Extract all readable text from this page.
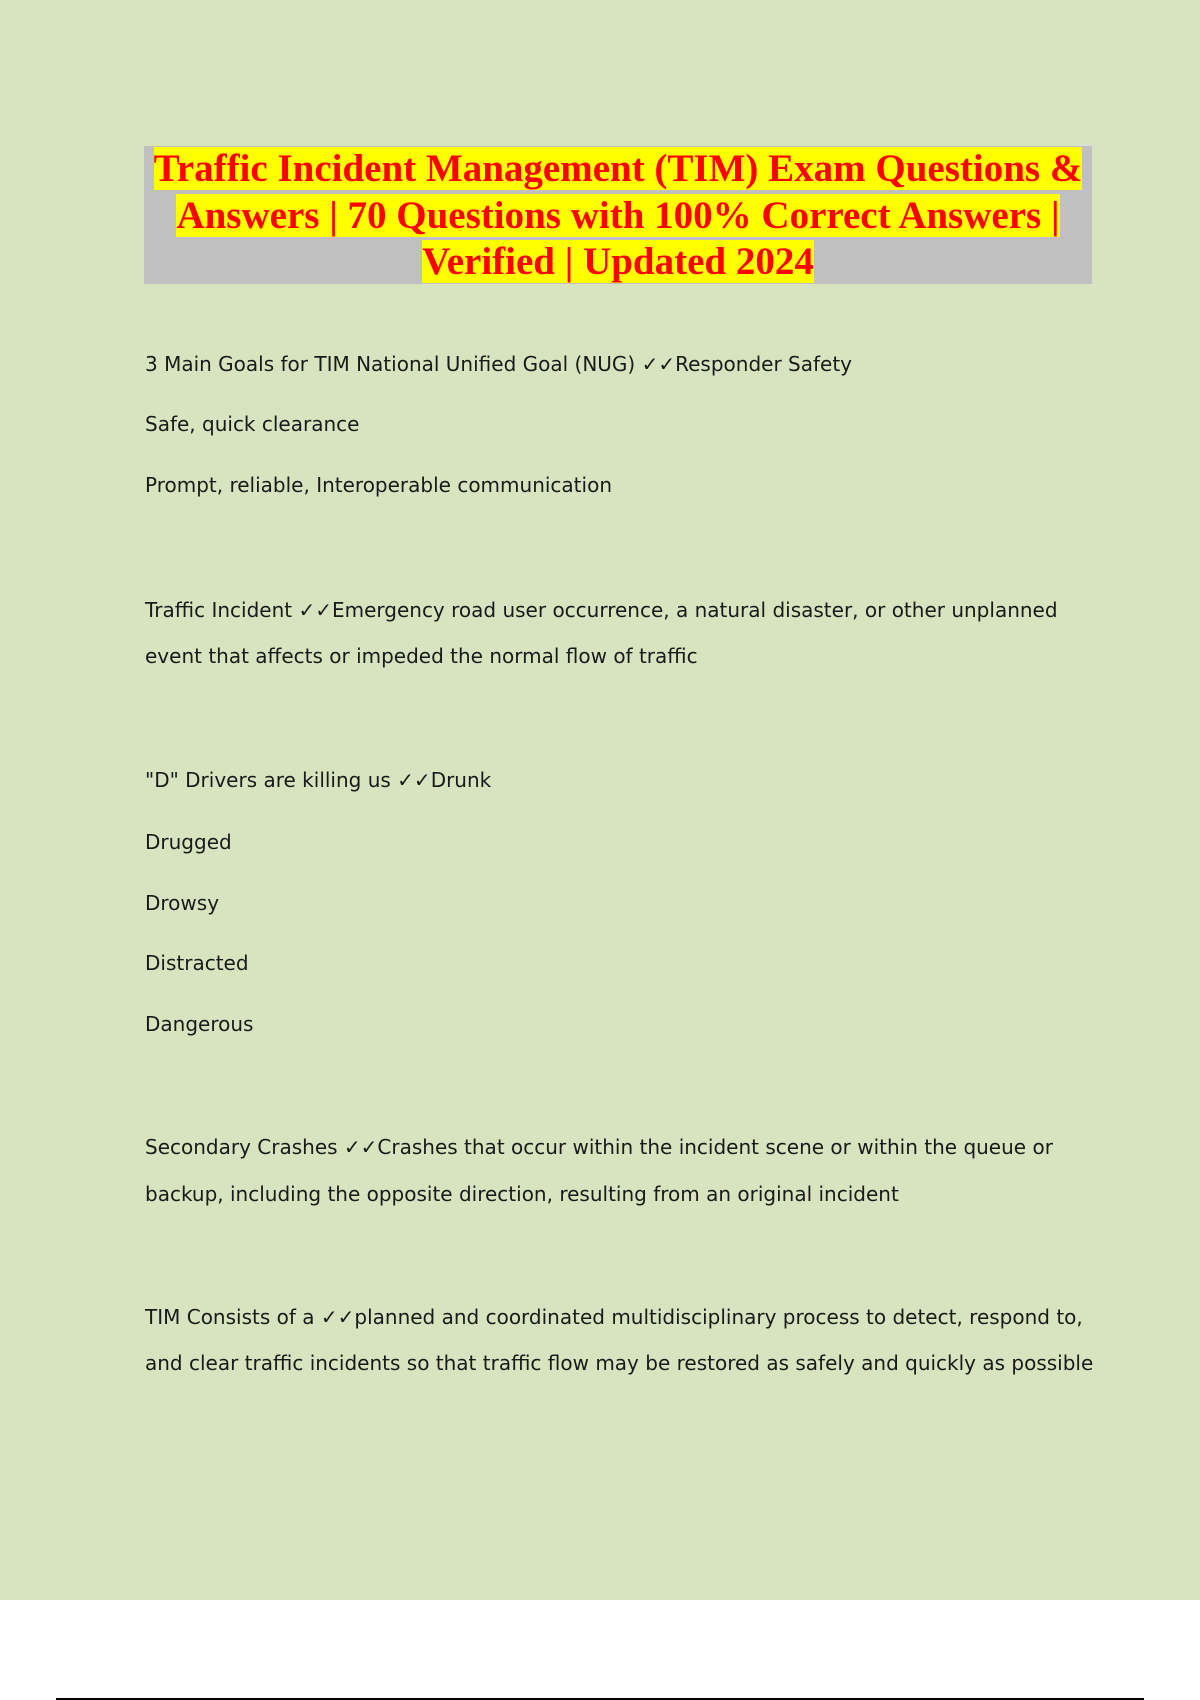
Traffic Incident Management (TIM) Exam Questions & Answers | 70 Questions with 100% Correct Answers | Verified | Updated 2024
3 Main Goals for TIM National Unified Goal (NUG) ✓✓Responder Safety
Safe, quick clearance
Prompt, reliable, Interoperable communication
Traffic Incident ✓✓Emergency road user occurrence, a natural disaster, or other unplanned
event that affects or impeded the normal flow of traffic
"D" Drivers are killing us ✓✓Drunk
Drugged
Drowsy
Distracted
Dangerous
Secondary Crashes ✓✓Crashes that occur within the incident scene or within the queue or
backup, including the opposite direction, resulting from an original incident
TIM Consists of a ✓✓planned and coordinated multidisciplinary process to detect, respond to,
and clear traffic incidents so that traffic flow may be restored as safely and quickly as possible
